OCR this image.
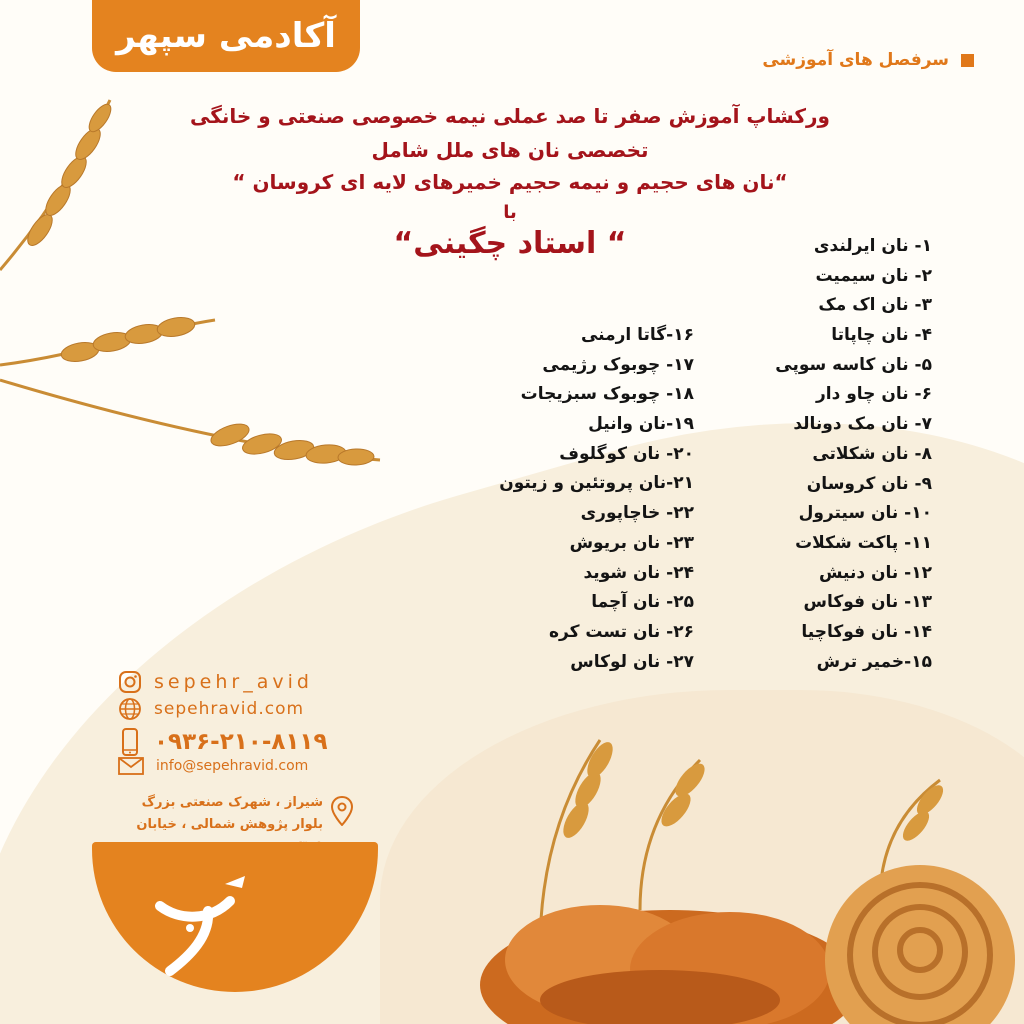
آکادمی سپهر
سرفصل های آموزشی
ورکشاپ آموزش صفر تا صد عملی نیمه خصوصی صنعتی و خانگی
تخصصی نان های ملل شامل
“نان های حجیم و نیمه حجیم خمیرهای لایه ای کروسان “
با
“ استاد چگینی“	۱- نان ایرلندی
۲- نان سیمیت
۳- نان اک مک
۴- نان چاپاتا
۵- نان کاسه سوپی
۶- نان چاو دار
۷- نان مک دونالد
۸- نان شکلاتی
۹- نان کروسان
۱۰- نان سیترول
۱۱- پاکت شکلات
۱۲- نان دنیش
۱۳- نان فوکاس
۱۴- نان فوکاچیا
۱۵-خمیر ترش
۱۶-گاتا ارمنی
۱۷- چوبوک رژیمی
۱۸- چوبوک سبزیجات
۱۹-نان وانیل
۲۰- نان کوگلوف
۲۱-نان پروتئین و زیتون
۲۲- خاچاپوری
۲۳- نان بریوش
۲۴- نان شوید
۲۵- نان آچما
۲۶- نان تست کره
۲۷- نان لوکاس
sepehr_avid
sepehravid.com
۰۹۳۶-۲۱۰-۸۱۱۹
info@sepehravid.com
شیراز ، شهرک صنعتی بزرگ
بلوار پژوهش شمالی ، خیابان
